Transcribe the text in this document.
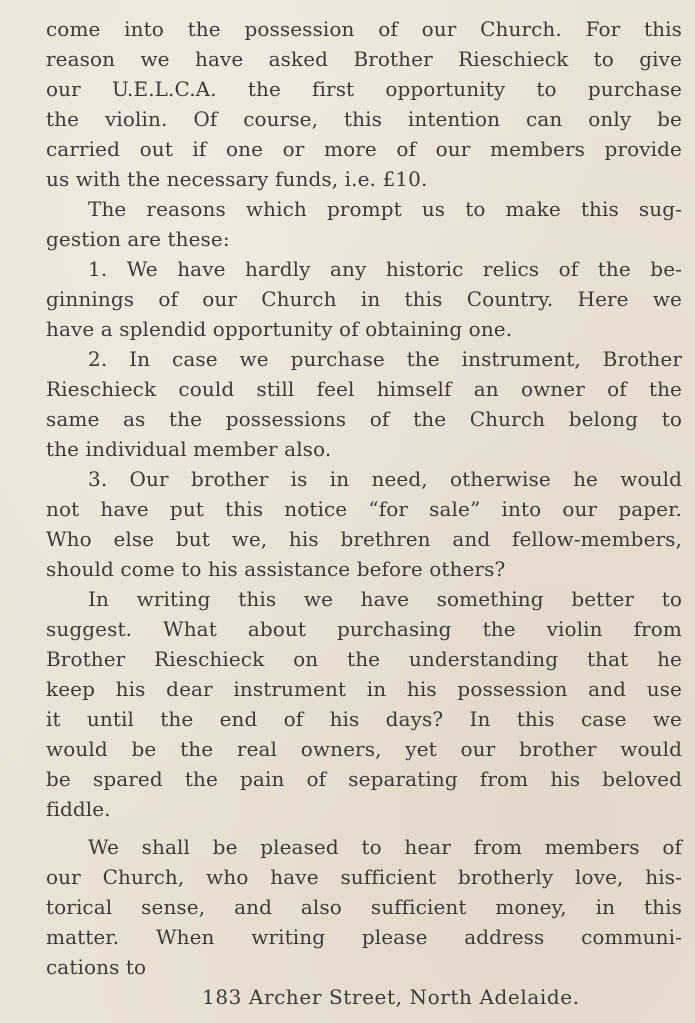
come into the possession of our Church. For this
reason we have asked Brother Rieschieck to give
our U.E.L.C.A. the first opportunity to purchase
the violin. Of course, this intention can only be
carried out if one or more of our members provide
us with the necessary funds, i.e. £10.
The reasons which prompt us to make this sug-
gestion are these:
1. We have hardly any historic relics of the be-
ginnings of our Church in this Country. Here we
have a splendid opportunity of obtaining one.
2. In case we purchase the instrument, Brother
Rieschieck could still feel himself an owner of the
same as the possessions of the Church belong to
the individual member also.
3. Our brother is in need, otherwise he would
not have put this notice “for sale” into our paper.
Who else but we, his brethren and fellow-members,
should come to his assistance before others?
In writing this we have something better to
suggest. What about purchasing the violin from
Brother Rieschieck on the understanding that he
keep his dear instrument in his possession and use
it until the end of his days? In this case we
would be the real owners, yet our brother would
be spared the pain of separating from his beloved
fiddle.
We shall be pleased to hear from members of
our Church, who have sufficient brotherly love, his-
torical sense, and also sufficient money, in this
matter. When writing please address communi-
cations to
183 Archer Street, North Adelaide.
